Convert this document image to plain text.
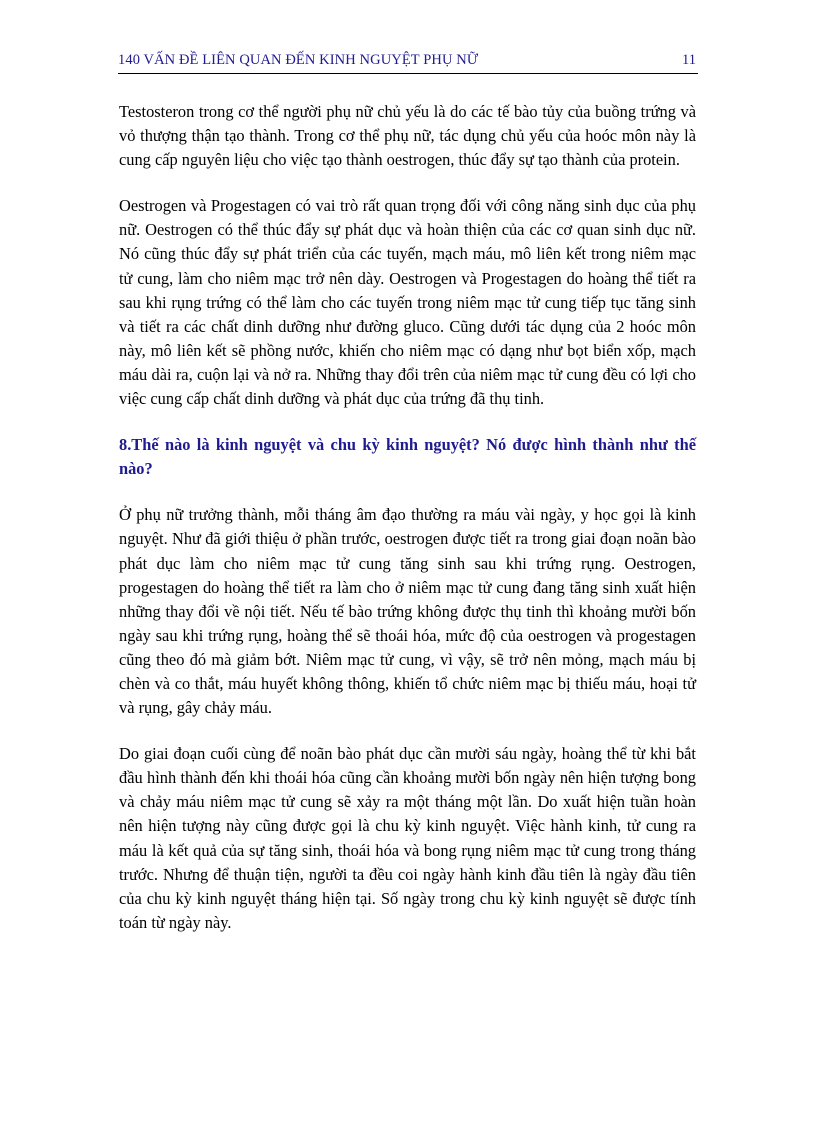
140 VẤN ĐỀ LIÊN QUAN ĐẾN KINH NGUYỆT PHỤ NỮ	11

Testosteron trong cơ thể người phụ nữ chủ yếu là do các tế bào tủy của buồng trứng và vỏ thượng thận tạo thành. Trong cơ thể phụ nữ, tác dụng chủ yếu của hoóc môn này là cung cấp nguyên liệu cho việc tạo thành oestrogen, thúc đẩy sự tạo thành của protein.

Oestrogen và Progestagen có vai trò rất quan trọng đối với công năng sinh dục của phụ nữ. Oestrogen có thể thúc đẩy sự phát dục và hoàn thiện của các cơ quan sinh dục nữ. Nó cũng thúc đẩy sự phát triển của các tuyến, mạch máu, mô liên kết trong niêm mạc tử cung, làm cho niêm mạc trở nên dày. Oestrogen và Progestagen do hoàng thể tiết ra sau khi rụng trứng có thể làm cho các tuyến trong niêm mạc tử cung tiếp tục tăng sinh và tiết ra các chất dinh dưỡng như đường gluco. Cũng dưới tác dụng của 2 hoóc môn này, mô liên kết sẽ phồng nước, khiến cho niêm mạc có dạng như bọt biển xốp, mạch máu dài ra, cuộn lại và nở ra. Những thay đổi trên của niêm mạc tử cung đều có lợi cho việc cung cấp chất dinh dưỡng và phát dục của trứng đã thụ tinh.

8.Thế nào là kinh nguyệt và chu kỳ kinh nguyệt? Nó được hình thành như thế nào?

Ở phụ nữ trưởng thành, mỗi tháng âm đạo thường ra máu vài ngày, y học gọi là kinh nguyệt. Như đã giới thiệu ở phần trước, oestrogen được tiết ra trong giai đoạn noãn bào phát dục làm cho niêm mạc tử cung tăng sinh sau khi trứng rụng. Oestrogen, progestagen do hoàng thể tiết ra làm cho ở niêm mạc tử cung đang tăng sinh xuất hiện những thay đổi về nội tiết. Nếu tế bào trứng không được thụ tinh thì khoảng mười bốn ngày sau khi trứng rụng, hoàng thể sẽ thoái hóa, mức độ của oestrogen và progestagen cũng theo đó mà giảm bớt. Niêm mạc tử cung, vì vậy, sẽ trở nên mỏng, mạch máu bị chèn và co thắt, máu huyết không thông, khiến tổ chức niêm mạc bị thiếu máu, hoại tử và rụng, gây chảy máu.

Do giai đoạn cuối cùng để noãn bào phát dục cần mười sáu ngày, hoàng thể từ khi bắt đầu hình thành đến khi thoái hóa cũng cần khoảng mười bốn ngày nên hiện tượng bong và chảy máu niêm mạc tử cung sẽ xảy ra một tháng một lần. Do xuất hiện tuần hoàn nên hiện tượng này cũng được gọi là chu kỳ kinh nguyệt. Việc hành kinh, tử cung ra máu là kết quả của sự tăng sinh, thoái hóa và bong rụng niêm mạc tử cung trong tháng trước. Nhưng để thuận tiện, người ta đều coi ngày hành kinh đầu tiên là ngày đầu tiên của chu kỳ kinh nguyệt tháng hiện tại. Số ngày trong chu kỳ kinh nguyệt sẽ được tính toán từ ngày này.
